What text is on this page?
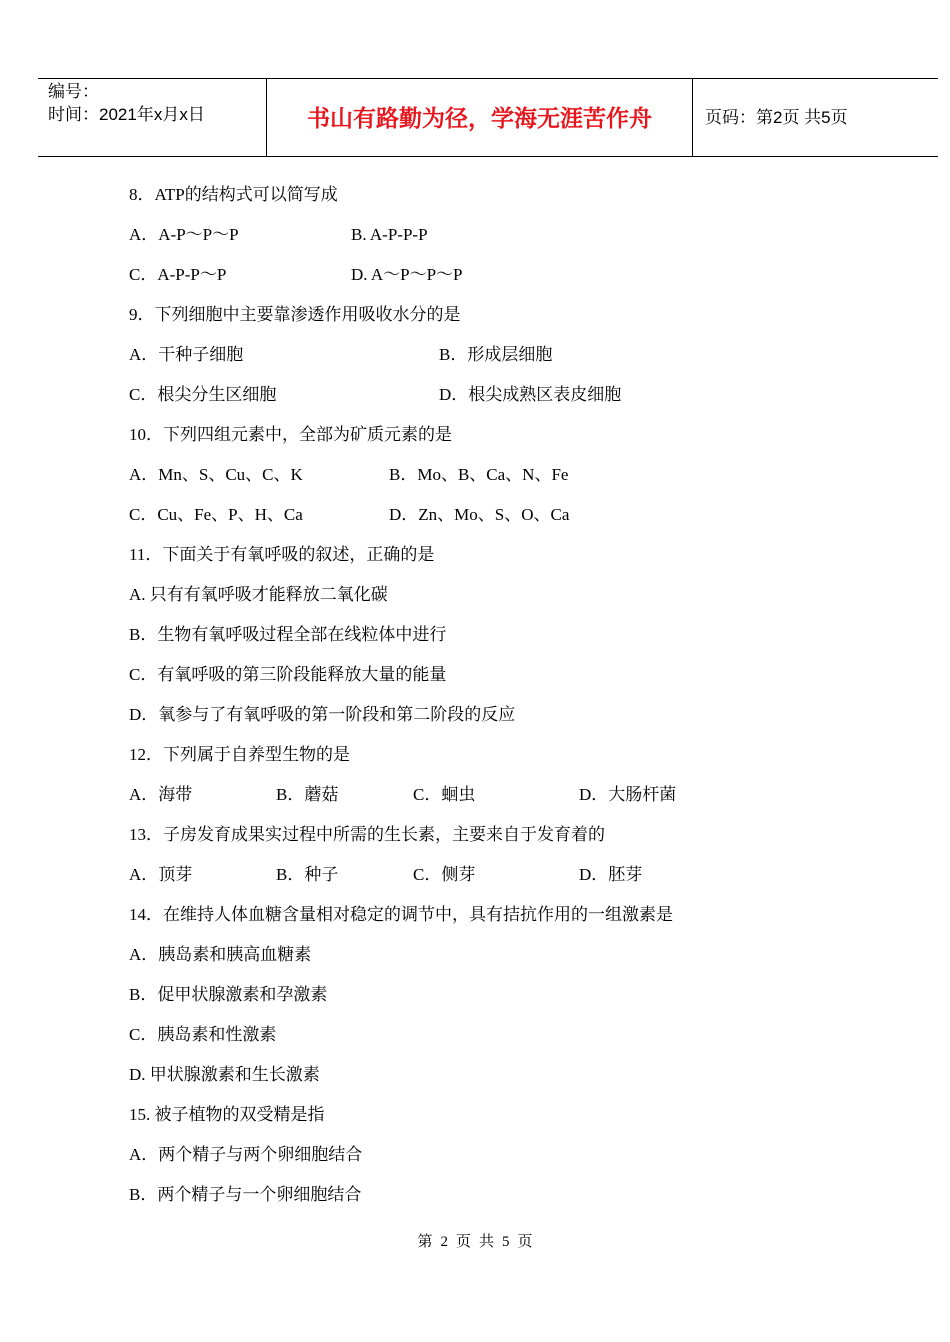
编号：
时间：2021年x月x日	书山有路勤为径，学海无涯苦作舟	页码：第2页 共5页
8．ATP的结构式可以简写成
A．A-P～P～P	B. A-P-P-P
C．A-P-P～P	D. A～P～P～P
9．下列细胞中主要靠渗透作用吸收水分的是
A．干种子细胞	B．形成层细胞
C．根尖分生区细胞	D．根尖成熟区表皮细胞
10．下列四组元素中，全部为矿质元素的是
A．Mn、S、Cu、C、K	B．Mo、B、Ca、N、Fe
C．Cu、Fe、P、H、Ca	D．Zn、Mo、S、O、Ca
11．下面关于有氧呼吸的叙述，正确的是
A. 只有有氧呼吸才能释放二氧化碳
B．生物有氧呼吸过程全部在线粒体中进行
C．有氧呼吸的第三阶段能释放大量的能量
D．氧参与了有氧呼吸的第一阶段和第二阶段的反应
12．下列属于自养型生物的是
A．海带	B．蘑菇	C．蛔虫	D．大肠杆菌
13．子房发育成果实过程中所需的生长素，主要来自于发育着的
A．顶芽	B．种子	C．侧芽	D．胚芽
14．在维持人体血糖含量相对稳定的调节中，具有拮抗作用的一组激素是
A．胰岛素和胰高血糖素
B．促甲状腺激素和孕激素
C．胰岛素和性激素
D. 甲状腺激素和生长激素
15. 被子植物的双受精是指
A．两个精子与两个卵细胞结合
B．两个精子与一个卵细胞结合
第 2 页 共 5 页
